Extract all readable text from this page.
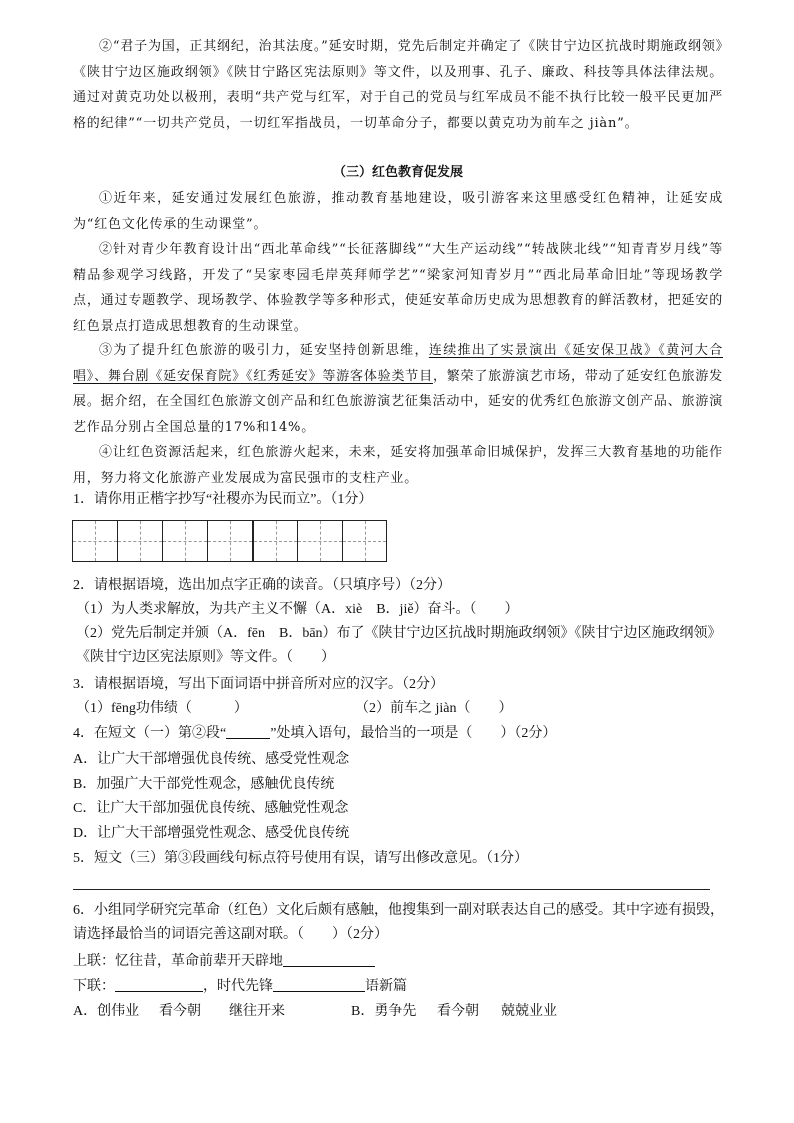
②“君子为国，正其纲纪，治其法度。”延安时期，党先后制定并确定了《陕甘宁边区抗战时期施政纲领》《陕甘宁边区施政纲领》《陕甘宁路区宪法原则》等文件，以及刑事、孔子、廉政、科技等具体法律法规。通过对黄克功处以极刑，表明“共产党与红军，对于自己的党员与红军成员不能不执行比较一般平民更加严格的纪律”“一切共产党员，一切红军指战员，一切革命分子，都要以黄克功为前车之 jiàn”。

（三）红色教育促发展

①近年来，延安通过发展红色旅游，推动教育基地建设，吸引游客来这里感受红色精神，让延安成为“红色文化传承的生动课堂”。

②针对青少年教育设计出“西北革命线”“长征落脚线”“大生产运动线”“转战陕北线”“知青青岁月线”等精品参观学习线路，开发了“吴家枣园毛岸英拜师学艺”“梁家河知青岁月”“西北局革命旧址”等现场教学点，通过专题教学、现场教学、体验教学等多种形式，使延安革命历史成为思想教育的鲜活教材，把延安的红色景点打造成思想教育的生动课堂。

③为了提升红色旅游的吸引力，延安坚持创新思维，连续推出了实景演出《延安保卫战》《黄河大合唱》、舞台剧《延安保育院》《红秀延安》等游客体验类节目，繁荣了旅游演艺市场，带动了延安红色旅游发展。据介绍，在全国红色旅游文创产品和红色旅游演艺征集活动中，延安的优秀红色旅游文创产品、旅游演艺作品分别占全国总量的17%和14%。

④让红色资源活起来，红色旅游火起来，未来，延安将加强革命旧城保护，发挥三大教育基地的功能作用，努力将文化旅游产业发展成为富民强市的支柱产业。

1．请你用正楷字抄写“社稷亦为民而立”。（1分）
2．请根据语境，选出加点字正确的读音。（只填序号）（2分）
（1）为人类求解放，为共产主义不懈（A．xiè　B．jiě）奋斗。（　　）
（2）党先后制定并颁（A．fēn　B．bān）布了《陕甘宁边区抗战时期施政纲领》《陕甘宁边区施政纲领》
《陕甘宁边区宪法原则》等文件。（　　）
3．请根据语境，写出下面词语中拼音所对应的汉字。（2分）
（1）fēng功伟绩（　　　）	（2）前车之 jiàn（　　）
4．在短文（一）第②段“	”处填入语句，最恰当的一项是（　　）（2分）
A．让广大干部增强优良传统、感受党性观念
B．加强广大干部党性观念，感触优良传统
C．让广大干部加强优良传统、感触党性观念
D．让广大干部增强党性观念、感受优良传统
5．短文（三）第③段画线句标点符号使用有误，请写出修改意见。（1分）
6．小组同学研究完革命（红色）文化后颇有感触，他搜集到一副对联表达自己的感受。其中字迹有损毁，
请选择最恰当的词语完善这副对联。（　　）（2分）
上联：忆往昔，革命前辈开天辟地
下联：	，时代先锋	语新篇
A．创伟业 看今朝 继往开来	B．勇争先 看今朝 兢兢业业
